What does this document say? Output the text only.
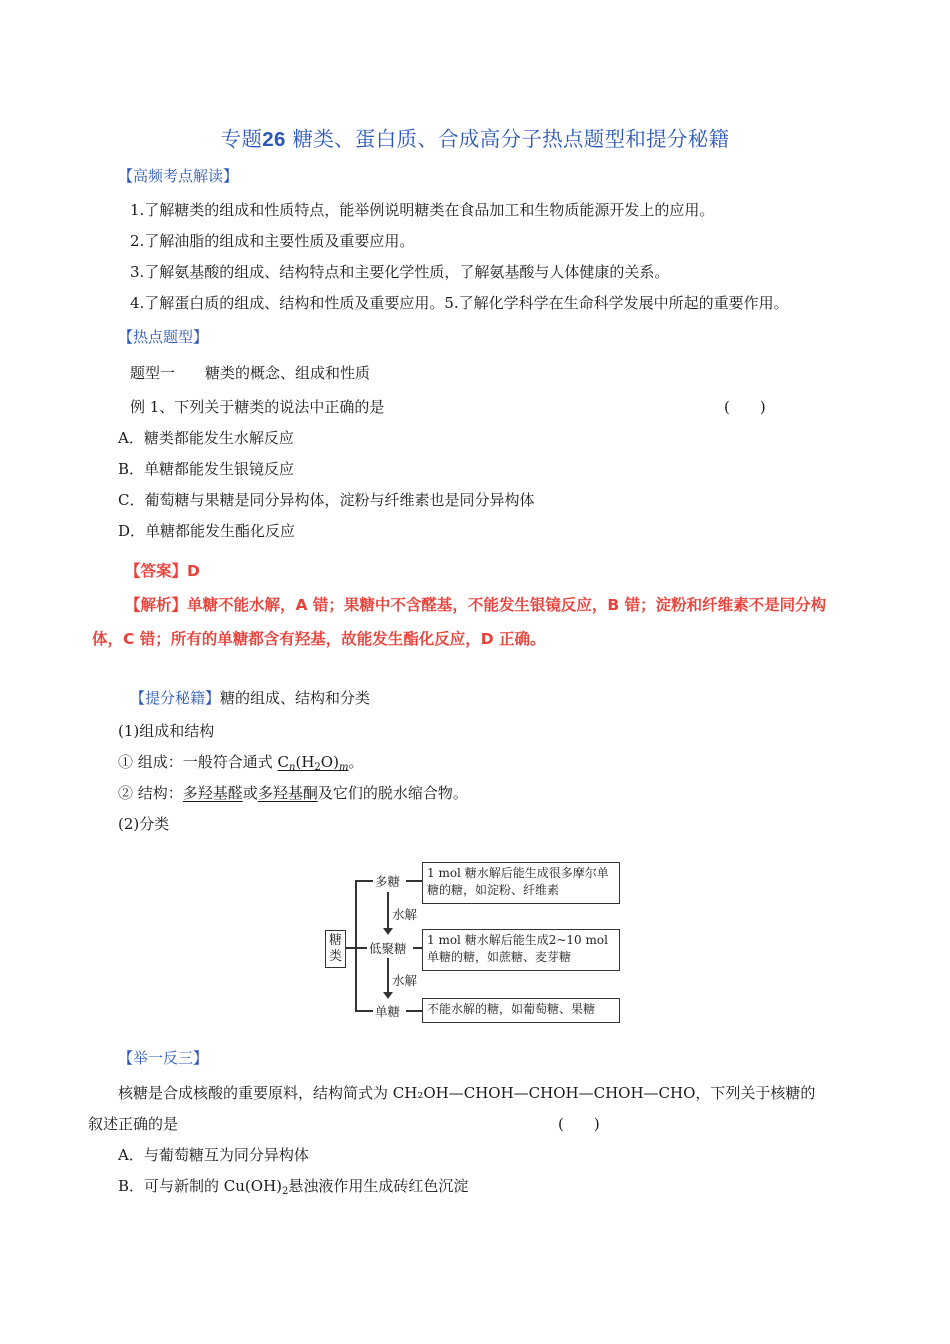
专题26 糖类、蛋白质、合成高分子热点题型和提分秘籍
【高频考点解读】
1.了解糖类的组成和性质特点，能举例说明糖类在食品加工和生物质能源开发上的应用。
2.了解油脂的组成和主要性质及重要应用。
3.了解氨基酸的组成、结构特点和主要化学性质，了解氨基酸与人体健康的关系。
4.了解蛋白质的组成、结构和性质及重要应用。5.了解化学科学在生命科学发展中所起的重要作用。
【热点题型】
题型一 糖类的概念、组成和性质
例 1、下列关于糖类的说法中正确的是	(　　)
A．糖类都能发生水解反应
B．单糖都能发生银镜反应
C．葡萄糖与果糖是同分异构体，淀粉与纤维素也是同分异构体
D．单糖都能发生酯化反应
【答案】D
【解析】单糖不能水解，A 错；果糖中不含醛基，不能发生银镜反应，B 错；淀粉和纤维素不是同分构
体，C 错；所有的单糖都含有羟基，故能发生酯化反应，D 正确。
【提分秘籍】糖的组成、结构和分类
(1)组成和结构
① 组成：一般符合通式 $C_n(H_2O)_m$。
② 结构：多羟基醛或多羟基酮及它们的脱水缩合物。
(2)分类
糖
类
多糖
低聚糖
单糖
水解
水解
1 mol 糖水解后能生成很多摩尔单糖的糖，如淀粉、纤维素
1 mol 糖水解后能生成2~10 mol 单糖的糖，如蔗糖、麦芽糖
不能水解的糖，如葡萄糖、果糖
【举一反三】
核糖是合成核酸的重要原料，结构简式为 CH₂OH—CHOH—CHOH—CHOH—CHO，下列关于核糖的
叙述正确的是	(　　)
A．与葡萄糖互为同分异构体
B．可与新制的 $Cu(OH)_2$悬浊液作用生成砖红色沉淀
